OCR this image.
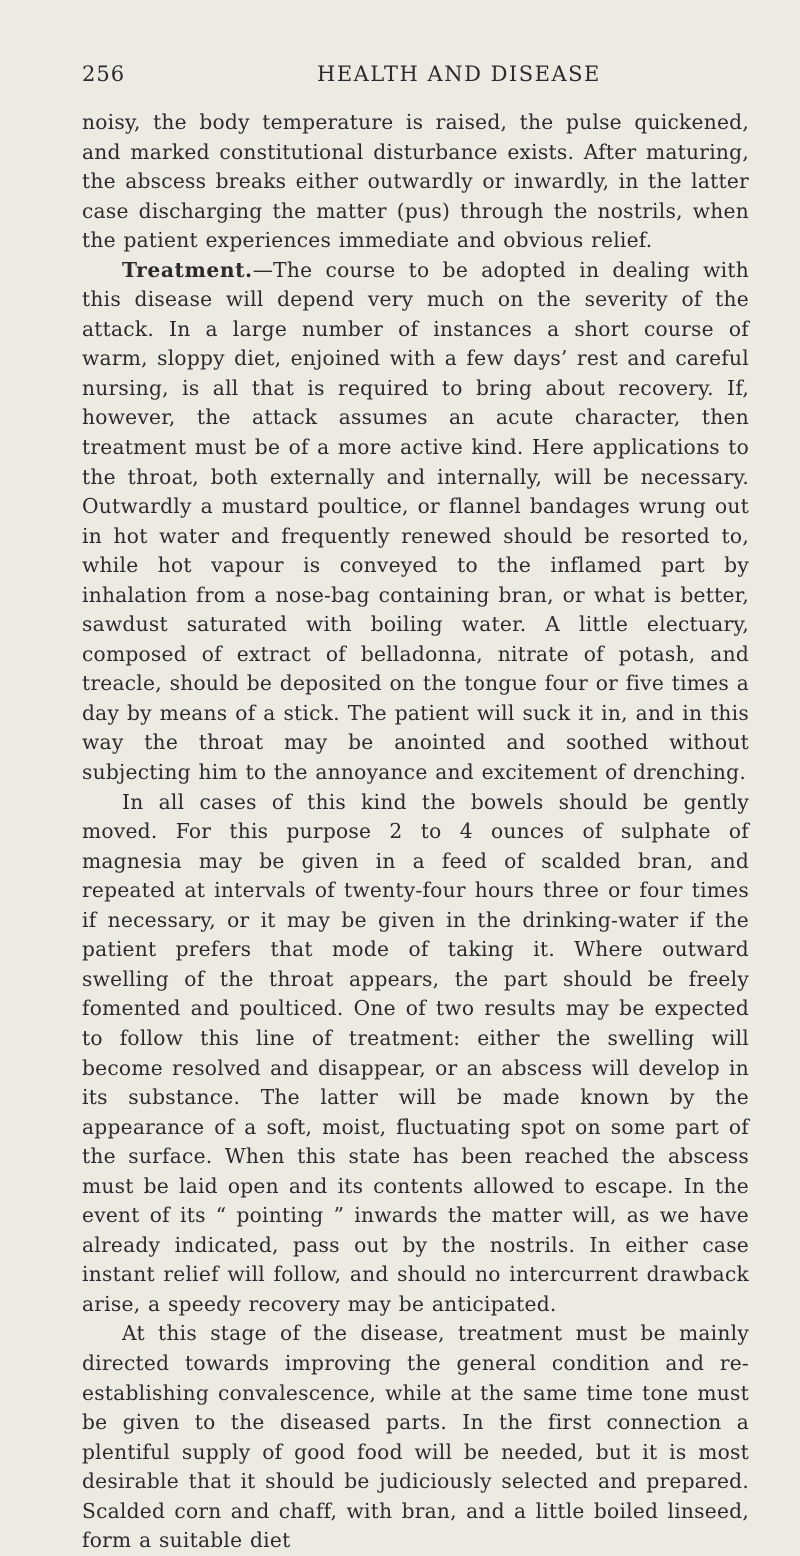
256	HEALTH AND DISEASE

noisy, the body temperature is raised, the pulse quickened, and marked constitutional disturbance exists. After maturing, the abscess breaks either outwardly or inwardly, in the latter case discharging the matter (pus) through the nostrils, when the patient experiences immediate and obvious relief.

Treatment.—The course to be adopted in dealing with this disease will depend very much on the severity of the attack. In a large number of instances a short course of warm, sloppy diet, enjoined with a few days’ rest and careful nursing, is all that is required to bring about recovery. If, however, the attack assumes an acute character, then treatment must be of a more active kind. Here applications to the throat, both externally and internally, will be necessary. Outwardly a mustard poultice, or flannel bandages wrung out in hot water and frequently renewed should be resorted to, while hot vapour is conveyed to the inflamed part by inhalation from a nose-bag containing bran, or what is better, sawdust saturated with boiling water. A little electuary, composed of extract of belladonna, nitrate of potash, and treacle, should be deposited on the tongue four or five times a day by means of a stick. The patient will suck it in, and in this way the throat may be anointed and soothed without subjecting him to the annoyance and excitement of drenching.

In all cases of this kind the bowels should be gently moved. For this purpose 2 to 4 ounces of sulphate of magnesia may be given in a feed of scalded bran, and repeated at intervals of twenty-four hours three or four times if necessary, or it may be given in the drinking-water if the patient prefers that mode of taking it. Where outward swelling of the throat appears, the part should be freely fomented and poulticed. One of two results may be expected to follow this line of treatment: either the swelling will become resolved and disappear, or an abscess will develop in its substance. The latter will be made known by the appearance of a soft, moist, fluctuating spot on some part of the surface. When this state has been reached the abscess must be laid open and its contents allowed to escape. In the event of its “ pointing ” inwards the matter will, as we have already indicated, pass out by the nostrils. In either case instant relief will follow, and should no intercurrent drawback arise, a speedy recovery may be anticipated.

At this stage of the disease, treatment must be mainly directed towards improving the general condition and re-establishing convalescence, while at the same time tone must be given to the diseased parts. In the first connection a plentiful supply of good food will be needed, but it is most desirable that it should be judiciously selected and prepared. Scalded corn and chaff, with bran, and a little boiled linseed, form a suitable diet
